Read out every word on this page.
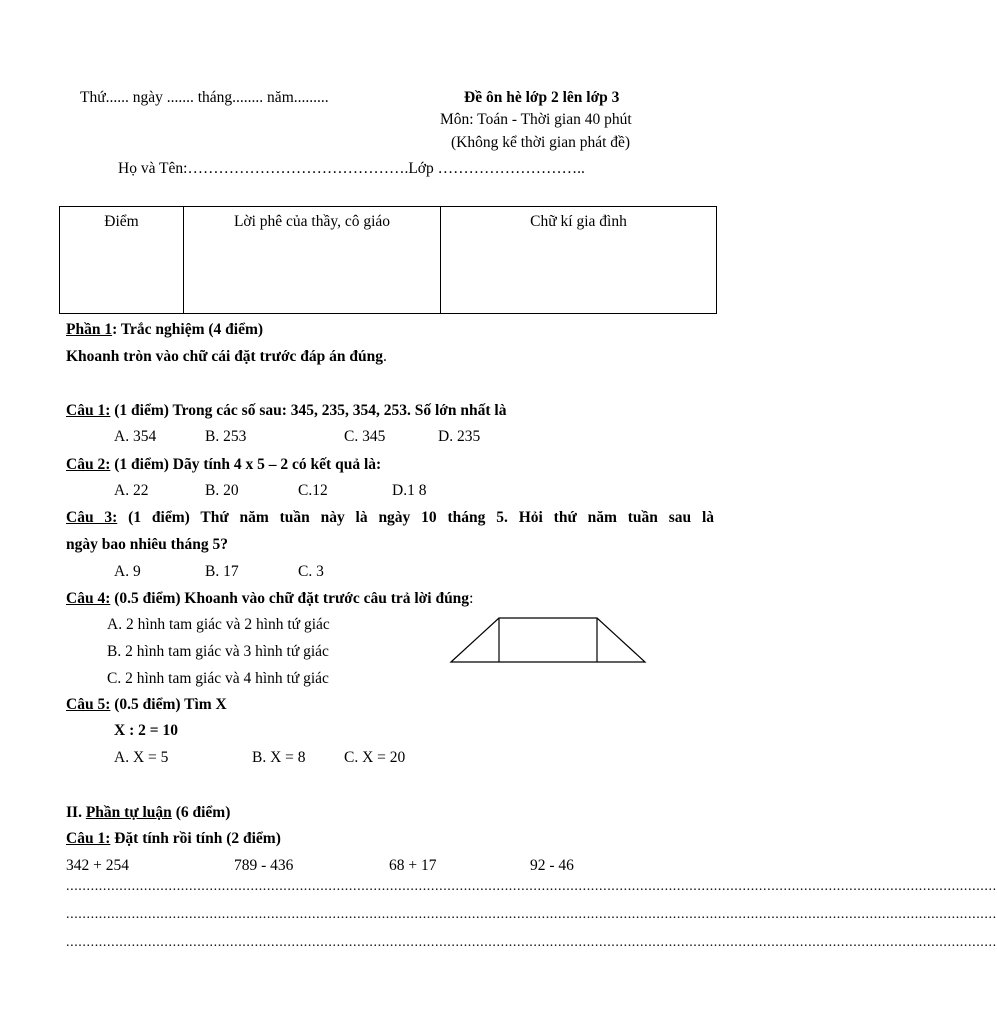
Thứ...... ngày ....... tháng........ năm.........	Đề ôn hè lớp 2 lên lớp 3
Môn: Toán - Thời gian 40 phút
(Không kể thời gian phát đề)
Họ và Tên:…………………………………….Lớp ………………………..
Điểm	Lời phê của thầy, cô giáo	Chữ kí gia đình
Phần 1: Trắc nghiệm (4 điểm)
Khoanh tròn vào chữ cái đặt trước đáp án đúng.
Câu 1: (1 điểm) Trong các số sau: 345, 235, 354, 253. Số lớn nhất là
A. 354	B. 253	C. 345	D. 235
Câu 2: (1 điểm) Dãy tính 4 x 5 – 2 có kết quả là:
A. 22	B. 20	C.12	D.1 8
Câu 3: (1 điểm) Thứ năm tuần này là ngày 10 tháng 5. Hỏi thứ năm tuần sau là
ngày bao nhiêu tháng 5?
A. 9	B. 17	C. 3
Câu 4: (0.5 điểm) Khoanh vào chữ đặt trước câu trả lời đúng:
A. 2 hình tam giác và 2 hình tứ giác
B. 2 hình tam giác và 3 hình tứ giác
C. 2 hình tam giác và 4 hình tứ giác
Câu 5: (0.5 điểm) Tìm X
X : 2 = 10
A. X = 5	B. X = 8 C. X = 20
II. Phần tự luận (6 điểm)
Câu 1: Đặt tính rồi tính (2 điểm)
342 + 254	789 - 436	68 + 17	92 - 46
...................................................................................................................................................................................................................................
...................................................................................................................................................................................................................................
...................................................................................................................................................................................................................................
